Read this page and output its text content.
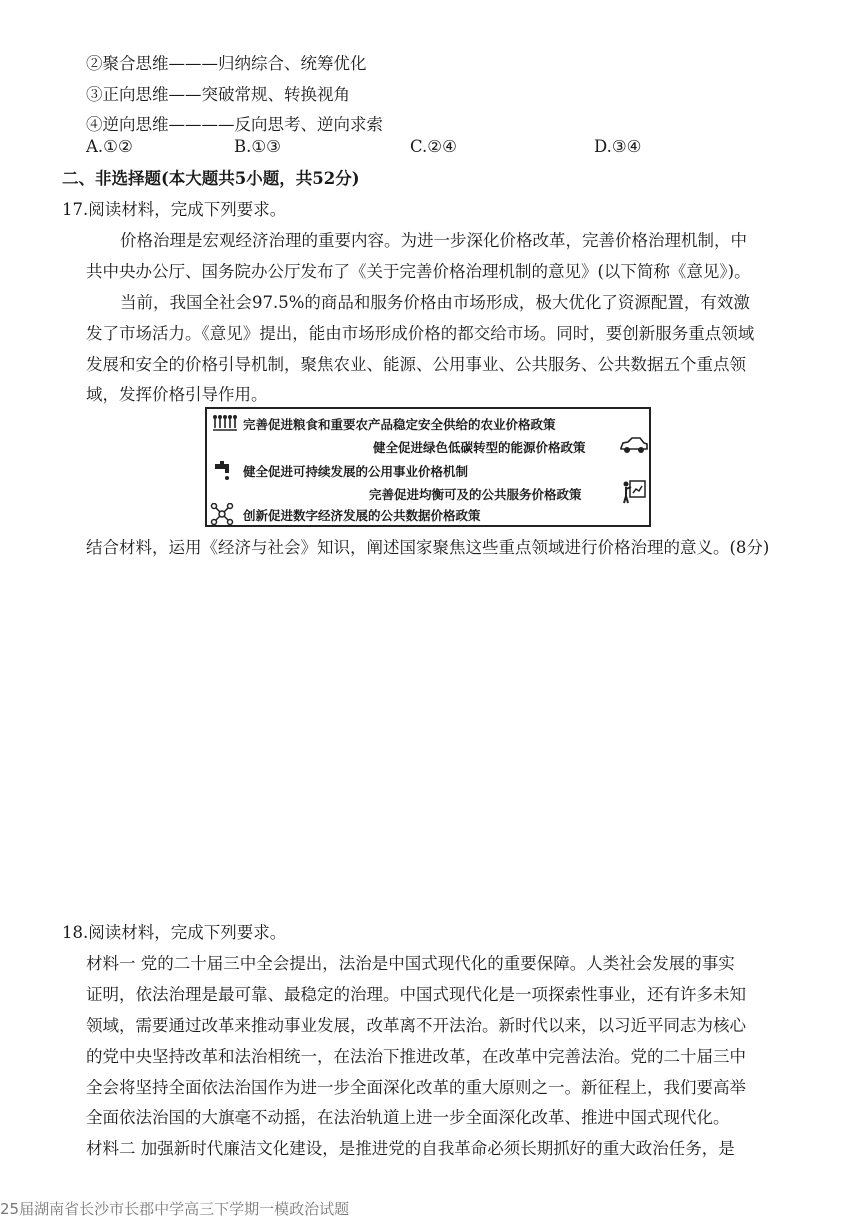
②聚合思维———归纳综合、统筹优化
③正向思维——突破常规、转换视角
④逆向思维————反向思考、逆向求索
A.①②	B.①③	C.②④	D.③④
二、非选择题(本大题共5小题，共52分)
17.阅读材料，完成下列要求。
价格治理是宏观经济治理的重要内容。为进一步深化价格改革，完善价格治理机制，中
共中央办公厅、国务院办公厅发布了《关于完善价格治理机制的意见》(以下简称《意见》)。
当前，我国全社会97.5%的商品和服务价格由市场形成，极大优化了资源配置，有效激
发了市场活力。《意见》提出，能由市场形成价格的都交给市场。同时，要创新服务重点领域
发展和安全的价格引导机制，聚焦农业、能源、公用事业、公共服务、公共数据五个重点领
域，发挥价格引导作用。
完善促进粮食和重要农产品稳定安全供给的农业价格政策
健全促进绿色低碳转型的能源价格政策
健全促进可持续发展的公用事业价格机制
完善促进均衡可及的公共服务价格政策
创新促进数字经济发展的公共数据价格政策
结合材料，运用《经济与社会》知识，阐述国家聚焦这些重点领域进行价格治理的意义。(8分)
18.阅读材料，完成下列要求。
材料一 党的二十届三中全会提出，法治是中国式现代化的重要保障。人类社会发展的事实
证明，依法治理是最可靠、最稳定的治理。中国式现代化是一项探索性事业，还有许多未知
领域，需要通过改革来推动事业发展，改革离不开法治。新时代以来，以习近平同志为核心
的党中央坚持改革和法治相统一，在法治下推进改革，在改革中完善法治。党的二十届三中
全会将坚持全面依法治国作为进一步全面深化改革的重大原则之一。新征程上，我们要高举
全面依法治国的大旗毫不动摇，在法治轨道上进一步全面深化改革、推进中国式现代化。
材料二 加强新时代廉洁文化建设，是推进党的自我革命必须长期抓好的重大政治任务，是
25届湖南省长沙市长郡中学高三下学期一模政治试题
